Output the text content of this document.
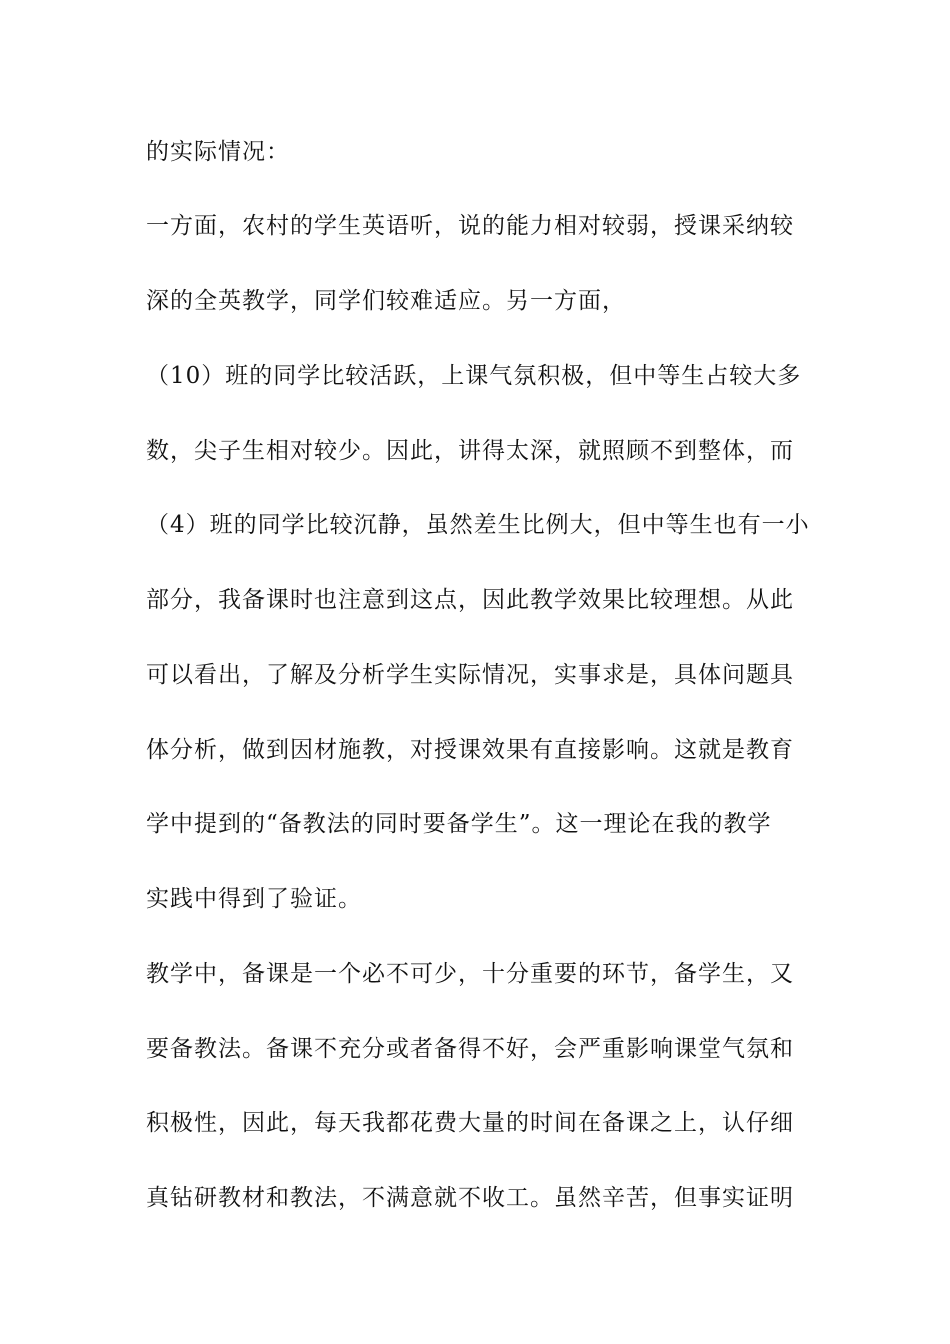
的实际情况：
一方面，农村的学生英语听，说的能力相对较弱，授课采纳较
深的全英教学，同学们较难适应。另一方面，
（10）班的同学比较活跃，上课气氛积极，但中等生占较大多
数，尖子生相对较少。因此，讲得太深，就照顾不到整体，而
（4）班的同学比较沉静，虽然差生比例大，但中等生也有一小
部分，我备课时也注意到这点，因此教学效果比较理想。从此
可以看出，了解及分析学生实际情况，实事求是，具体问题具
体分析，做到因材施教，对授课效果有直接影响。这就是教育
学中提到的“备教法的同时要备学生”。这一理论在我的教学
实践中得到了验证。
教学中，备课是一个必不可少，十分重要的环节，备学生，又
要备教法。备课不充分或者备得不好，会严重影响课堂气氛和
积极性，因此，每天我都花费大量的时间在备课之上，认仔细
真钻研教材和教法，不满意就不收工。虽然辛苦，但事实证明
